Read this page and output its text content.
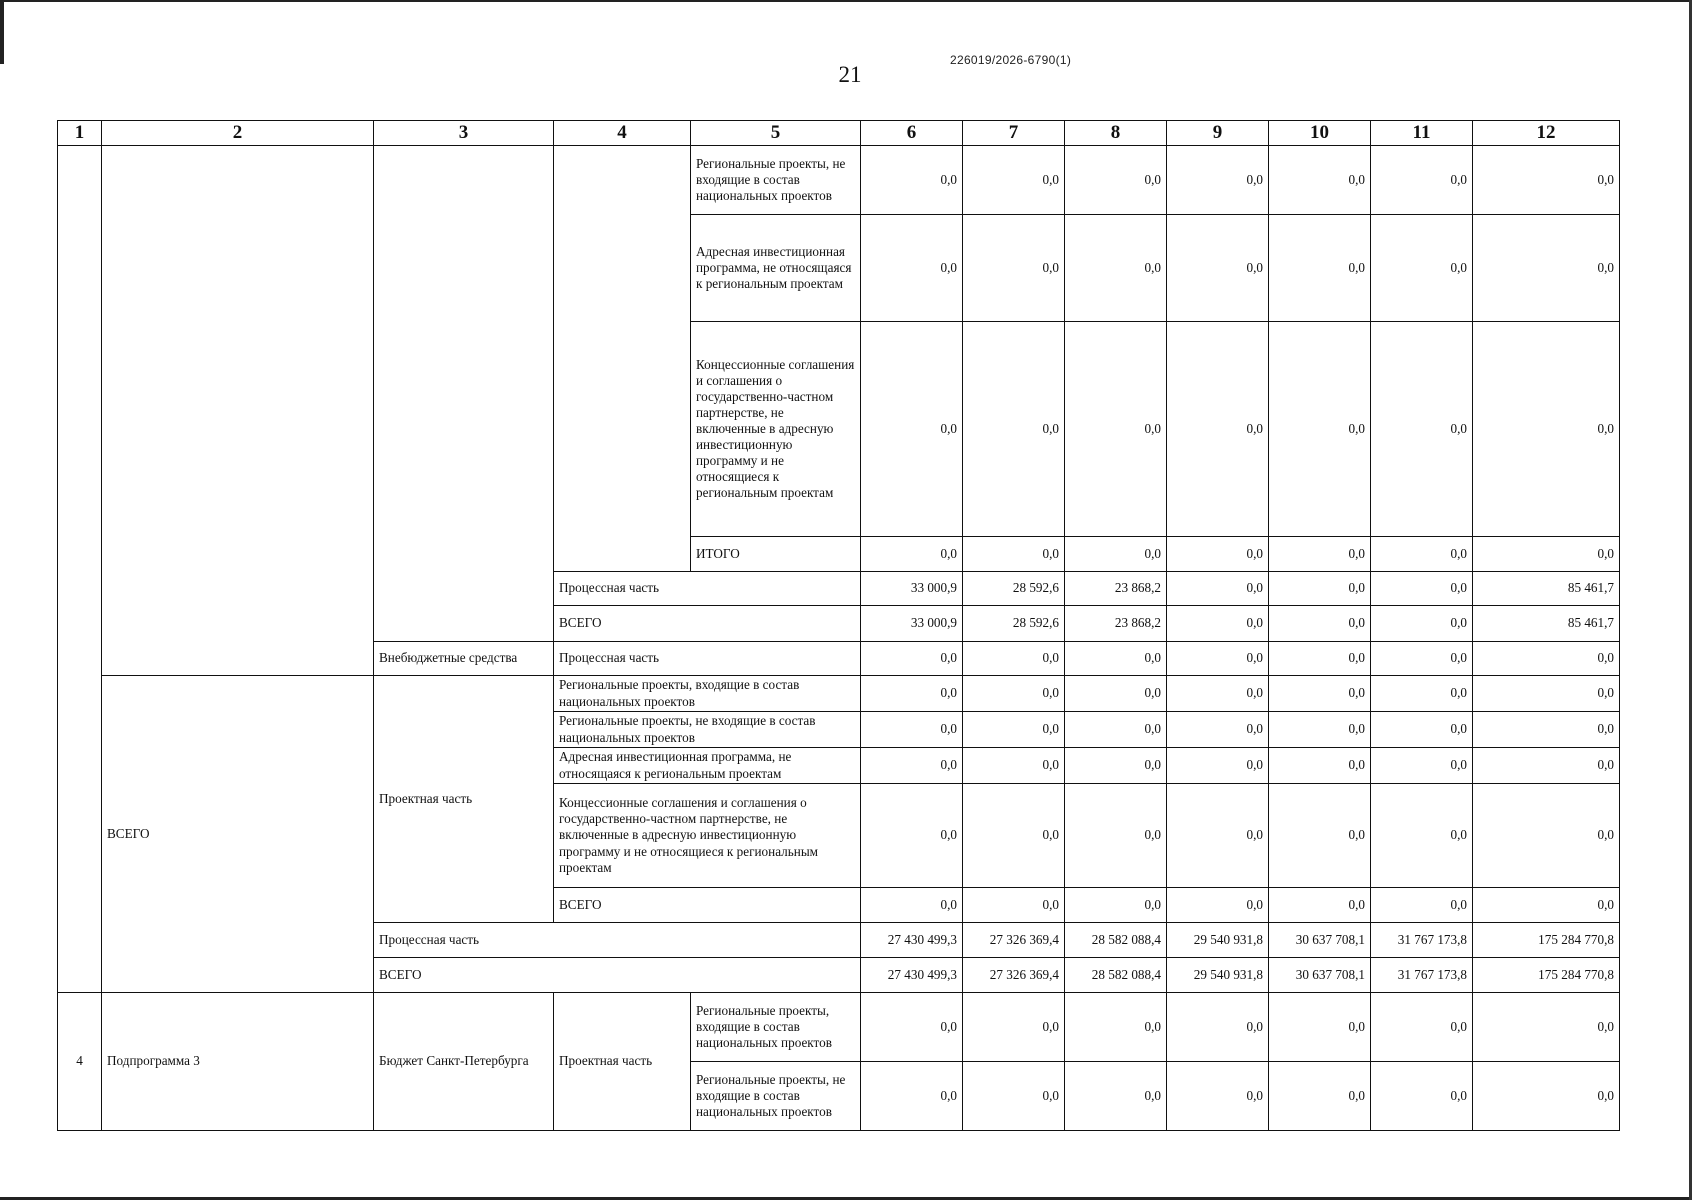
21
226019/2026-6790(1)
1	2	3	4	5	6	7	8	9	10	11	12
				Региональные проекты, не входящие в состав национальных проектов	0,0	0,0	0,0	0,0	0,0	0,0	0,0
				Адресная инвестиционная программа, не относящаяся к региональным проектам	0,0	0,0	0,0	0,0	0,0	0,0	0,0
				Концессионные соглашения и соглашения о государственно-частном партнерстве, не включенные в адресную инвестиционную программу и не относящиеся к региональным проектам	0,0	0,0	0,0	0,0	0,0	0,0	0,0
				ИТОГО	0,0	0,0	0,0	0,0	0,0	0,0	0,0
			Процессная часть		33 000,9	28 592,6	23 868,2	0,0	0,0	0,0	85 461,7
			ВСЕГО		33 000,9	28 592,6	23 868,2	0,0	0,0	0,0	85 461,7
		Внебюджетные средства	Процессная часть		0,0	0,0	0,0	0,0	0,0	0,0	0,0
	ВСЕГО	Проектная часть	Региональные проекты, входящие в состав национальных проектов		0,0	0,0	0,0	0,0	0,0	0,0	0,0
			Региональные проекты, не входящие в состав национальных проектов		0,0	0,0	0,0	0,0	0,0	0,0	0,0
			Адресная инвестиционная программа, не относящаяся к региональным проектам		0,0	0,0	0,0	0,0	0,0	0,0	0,0
			Концессионные соглашения и соглашения о государственно-частном партнерстве, не включенные в адресную инвестиционную программу и не относящиеся к региональным проектам		0,0	0,0	0,0	0,0	0,0	0,0	0,0
			ВСЕГО		0,0	0,0	0,0	0,0	0,0	0,0	0,0
		Процессная часть			27 430 499,3	27 326 369,4	28 582 088,4	29 540 931,8	30 637 708,1	31 767 173,8	175 284 770,8
		ВСЕГО			27 430 499,3	27 326 369,4	28 582 088,4	29 540 931,8	30 637 708,1	31 767 173,8	175 284 770,8
4	Подпрограмма 3	Бюджет Санкт-Петербурга	Проектная часть	Региональные проекты, входящие в состав национальных проектов	0,0	0,0	0,0	0,0	0,0	0,0	0,0
				Региональные проекты, не входящие в состав национальных проектов	0,0	0,0	0,0	0,0	0,0	0,0	0,0
